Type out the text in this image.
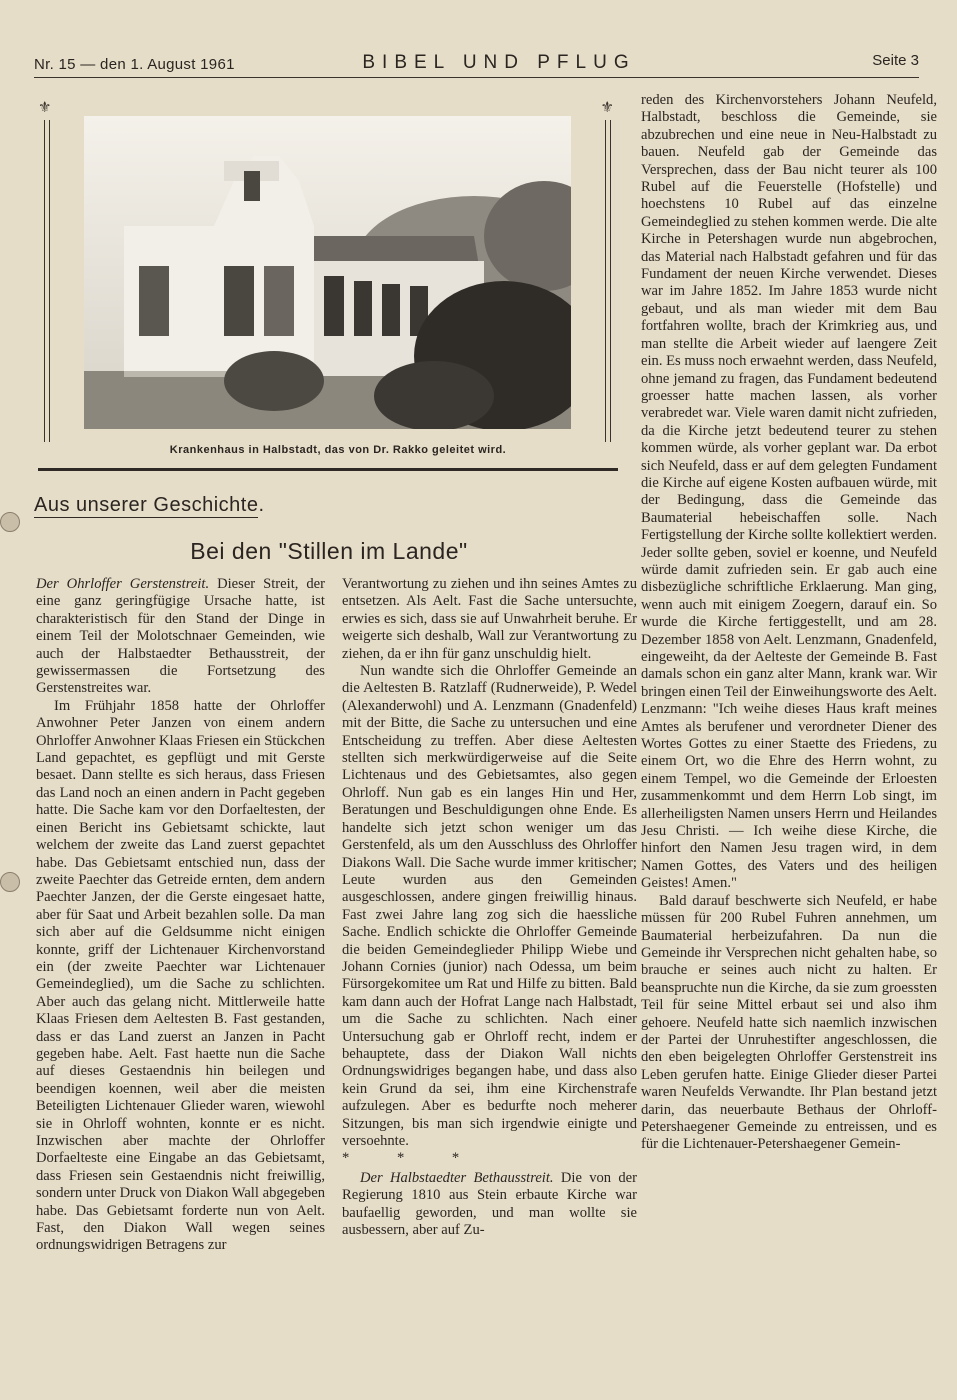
Nr. 15 — den 1. August 1961	BIBEL UND PFLUG	Seite 3
⚜	⚜
Krankenhaus in Halbstadt, das von Dr. Rakko geleitet wird.
Aus unserer Geschichte.
Bei den "Stillen im Lande"

Der Ohrloffer Gerstenstreit. Dieser Streit, der eine ganz geringfügige Ursache hatte, ist charakteristisch für den Stand der Dinge in einem Teil der Molotschnaer Gemeinden, wie auch der Halbstaedter Bethausstreit, der gewissermassen die Fortsetzung des Gerstenstreites war.

Im Frühjahr 1858 hatte der Ohrloffer Anwohner Peter Janzen von einem andern Ohrloffer Anwohner Klaas Friesen ein Stückchen Land gepachtet, es gepflügt und mit Gerste besaet. Dann stellte es sich heraus, dass Friesen das Land noch an einen andern in Pacht gegeben hatte. Die Sache kam vor den Dorfaeltesten, der einen Bericht ins Gebietsamt schickte, laut welchem der zweite das Land zuerst gepachtet habe. Das Gebietsamt entschied nun, dass der zweite Paechter das Getreide ernten, dem andern Paechter Janzen, der die Gerste eingesaet hatte, aber für Saat und Arbeit bezahlen solle. Da man sich aber auf die Geldsumme nicht einigen konnte, griff der Lichtenauer Kirchenvorstand ein (der zweite Paechter war Lichtenauer Gemeindeglied), um die Sache zu schlichten. Aber auch das gelang nicht. Mittlerweile hatte Klaas Friesen dem Aeltesten B. Fast gestanden, dass er das Land zuerst an Janzen in Pacht gegeben habe. Aelt. Fast haette nun die Sache auf dieses Gestaendnis hin beilegen und beendigen koennen, weil aber die meisten Beteiligten Lichtenauer Glieder waren, wiewohl sie in Ohrloff wohnten, konnte er es nicht. Inzwischen aber machte der Ohrloffer Dorfaelteste eine Eingabe an das Gebietsamt, dass Friesen sein Gestaendnis nicht freiwillig, sondern unter Druck von Diakon Wall abgegeben habe. Das Gebietsamt forderte nun von Aelt. Fast, den Diakon Wall wegen seines ordnungswidrigen Betragens zur

Verantwortung zu ziehen und ihn seines Amtes zu entsetzen. Als Aelt. Fast die Sache untersuchte, erwies es sich, dass sie auf Unwahrheit beruhe. Er weigerte sich deshalb, Wall zur Verantwortung zu ziehen, da er ihn für ganz unschuldig hielt.

Nun wandte sich die Ohrloffer Gemeinde an die Aeltesten B. Ratzlaff (Rudnerweide), P. Wedel (Alexanderwohl) und A. Lenzmann (Gnadenfeld) mit der Bitte, die Sache zu untersuchen und eine Entscheidung zu treffen. Aber diese Aeltesten stellten sich merkwürdigerweise auf die Seite Lichtenaus und des Gebietsamtes, also gegen Ohrloff. Nun gab es ein langes Hin und Her, Beratungen und Beschuldigungen ohne Ende. Es handelte sich jetzt schon weniger um das Gerstenfeld, als um den Ausschluss des Ohrloffer Diakons Wall. Die Sache wurde immer kritischer; Leute wurden aus den Gemeinden ausgeschlossen, andere gingen freiwillig hinaus. Fast zwei Jahre lang zog sich die haessliche Sache. Endlich schickte die Ohrloffer Gemeinde die beiden Gemeindeglieder Philipp Wiebe und Johann Cornies (junior) nach Odessa, um beim Fürsorgekomitee um Rat und Hilfe zu bitten. Bald kam dann auch der Hofrat Lange nach Halbstadt, um die Sache zu schlichten. Nach einer Untersuchung gab er Ohrloff recht, indem er behauptete, dass der Diakon Wall nichts Ordnungswidriges begangen habe, und dass also kein Grund da sei, ihm eine Kirchenstrafe aufzulegen. Aber es bedurfte noch meherer Sitzungen, bis man sich irgendwie einigte und versoehnte.

* * *

Der Halbstaedter Bethausstreit. Die von der Regierung 1810 aus Stein erbaute Kirche war baufaellig geworden, und man wollte sie ausbessern, aber auf Zu-

reden des Kirchenvorstehers Johann Neufeld, Halbstadt, beschloss die Gemeinde, sie abzubrechen und eine neue in Neu-Halbstadt zu bauen. Neufeld gab der Gemeinde das Versprechen, dass der Bau nicht teurer als 100 Rubel auf die Feuerstelle (Hofstelle) und hoechstens 10 Rubel auf das einzelne Gemeindeglied zu stehen kommen werde. Die alte Kirche in Petershagen wurde nun abgebrochen, das Material nach Halbstadt gefahren und für das Fundament der neuen Kirche verwendet. Dieses war im Jahre 1852. Im Jahre 1853 wurde nicht gebaut, und als man wieder mit dem Bau fortfahren wollte, brach der Krimkrieg aus, und man stellte die Arbeit wieder auf laengere Zeit ein. Es muss noch erwaehnt werden, dass Neufeld, ohne jemand zu fragen, das Fundament bedeutend groesser hatte machen lassen, als vorher verabredet war. Viele waren damit nicht zufrieden, da die Kirche jetzt bedeutend teurer zu stehen kommen würde, als vorher geplant war. Da erbot sich Neufeld, dass er auf dem gelegten Fundament die Kirche auf eigene Kosten aufbauen würde, mit der Bedingung, dass die Gemeinde das Baumaterial hebeischaffen solle. Nach Fertigstellung der Kirche sollte kollektiert werden. Jeder sollte geben, soviel er koenne, und Neufeld würde damit zufrieden sein. Er gab auch eine disbezügliche schriftliche Erklaerung. Man ging, wenn auch mit einigem Zoegern, darauf ein. So wurde die Kirche fertiggestellt, und am 28. Dezember 1858 von Aelt. Lenzmann, Gnadenfeld, eingeweiht, da der Aelteste der Gemeinde B. Fast damals schon ein ganz alter Mann, krank war. Wir bringen einen Teil der Einweihungsworte des Aelt. Lenzmann: "Ich weihe dieses Haus kraft meines Amtes als berufener und verordneter Diener des Wortes Gottes zu einer Staette des Friedens, zu einem Ort, wo die Ehre des Herrn wohnt, zu einem Tempel, wo die Gemeinde der Erloesten zusammenkommt und dem Herrn Lob singt, im allerheiligsten Namen unsers Herrn und Heilandes Jesu Christi. — Ich weihe diese Kirche, die hinfort den Namen Jesu tragen wird, in dem Namen Gottes, des Vaters und des heiligen Geistes! Amen."

Bald darauf beschwerte sich Neufeld, er habe müssen für 200 Rubel Fuhren annehmen, um Baumaterial herbeizufahren. Da nun die Gemeinde ihr Versprechen nicht gehalten habe, so brauche er seines auch nicht zu halten. Er beanspruchte nun die Kirche, da sie zum groessten Teil für seine Mittel erbaut sei und also ihm gehoere. Neufeld hatte sich naemlich inzwischen der Partei der Unruhestifter angeschlossen, die den eben beigelegten Ohrloffer Gerstenstreit ins Leben gerufen hatte. Einige Glieder dieser Partei waren Neufelds Verwandte. Ihr Plan bestand jetzt darin, das neuerbaute Bethaus der Ohrloff-Petershaegener Gemeinde zu entreissen, und es für die Lichtenauer-Petershaegener Gemein-
